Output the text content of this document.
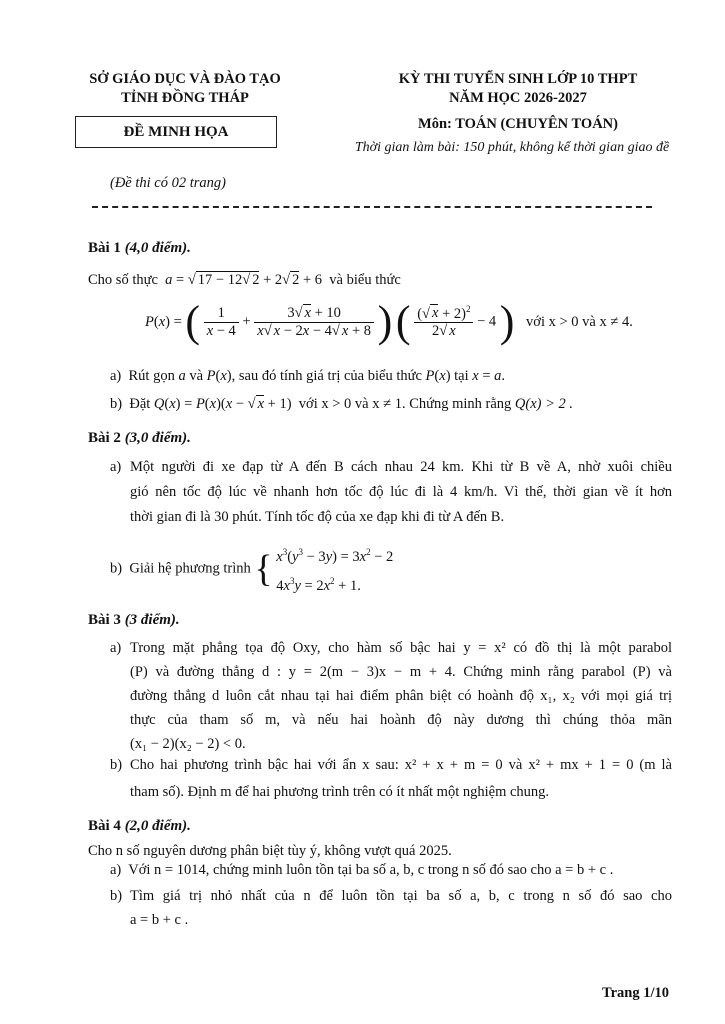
SỞ GIÁO DỤC VÀ ĐÀO TẠO
TỈNH ĐỒNG THÁP
KỲ THI TUYỂN SINH LỚP 10 THPT
NĂM HỌC 2026-2027
ĐỀ MINH HỌA	Môn: TOÁN (CHUYÊN TOÁN)
Thời gian làm bài: 150 phút, không kể thời gian giao đề
(Đề thi có 02 trang)
Bài 1 (4,0 điểm).
Cho số thực  a = √ 17 − 12√ 2 + 2√ 2 + 6  và biểu thức
P(x) = ( $\frac{1}{x - 4} + \frac{3√ x + 10}{x√ x - 2x - 4√ x + 8}$ ) ( $\frac{(√ x + 2)^2}{2√ x} - 4$ ) với x > 0 và x ≠ 4.
a) Rút gọn a và P(x), sau đó tính giá trị của biểu thức P(x) tại x = a.
b) Đặt Q(x) = P(x)(x − √ x + 1)  với x > 0 và x ≠ 1. Chứng minh rằng Q(x) > 2 .
Bài 2 (3,0 điểm).
a) Một người đi xe đạp từ A đến B cách nhau 24 km. Khi từ B về A, nhờ xuôi chiều
gió nên tốc độ lúc về nhanh hơn tốc độ lúc đi là 4 km/h. Vì thế, thời gian về ít hơn
thời gian đi là 30 phút. Tính tốc độ của xe đạp khi đi từ A đến B.
b) Giải hệ phương trình { $x^3(y^3 - 3y) = 3x^2 - 2$
$4x^3y = 2x^2 + 1$.
Bài 3 (3 điểm).
a) Trong mặt phẳng tọa độ Oxy, cho hàm số bậc hai y = x² có đồ thị là một parabol
(P) và đường thẳng d : y = 2(m − 3)x − m + 4. Chứng minh rằng parabol (P) và
đường thẳng d luôn cắt nhau tại hai điểm phân biệt có hoành độ x₁, x₂ với mọi giá trị
thực của tham số m, và nếu hai hoành độ này dương thì chúng thỏa mãn
(x₁ − 2)(x₂ − 2) < 0.
b) Cho hai phương trình bậc hai với ẩn x sau: x² + x + m = 0 và x² + mx + 1 = 0 (m là
tham số). Định m để hai phương trình trên có ít nhất một nghiệm chung.
Bài 4 (2,0 điểm).
Cho n số nguyên dương phân biệt tùy ý, không vượt quá 2025.
a) Với n = 1014, chứng minh luôn tồn tại ba số a, b, c trong n số đó sao cho a = b + c .
b) Tìm giá trị nhỏ nhất của n để luôn tồn tại ba số a, b, c trong n số đó sao cho
a = b + c .
Trang 1/10
